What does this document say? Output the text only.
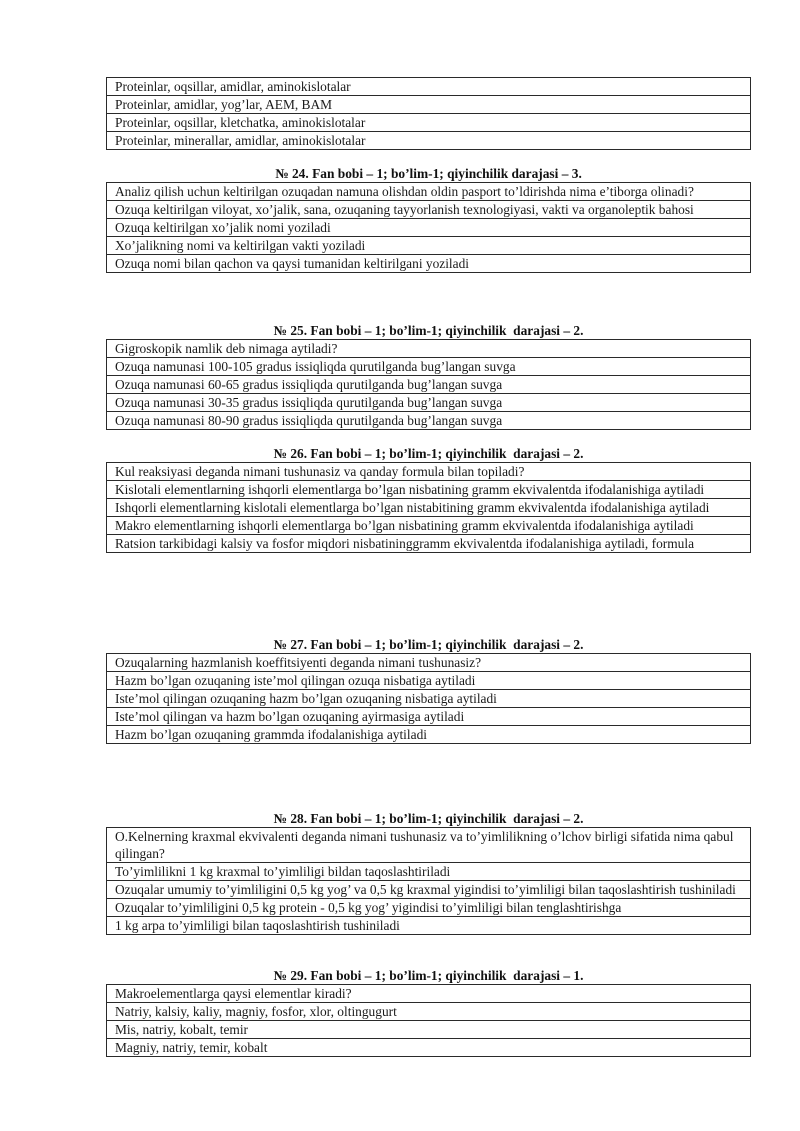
Proteinlar, oqsillar, amidlar, aminokislotalar
Proteinlar, amidlar, yog’lar, AEM, BAM
Proteinlar, oqsillar, kletchatka, aminokislotalar
Proteinlar, minerallar, amidlar, aminokislotalar
№ 24. Fan bobi – 1; bo’lim-1; qiyinchilik darajasi – 3.
Analiz qilish uchun keltirilgan ozuqadan namuna olishdan oldin pasport to’ldirishda nima e’tiborga olinadi?
Ozuqa keltirilgan viloyat, xo’jalik, sana, ozuqaning tayyorlanish texnologiyasi, vakti va organoleptik bahosi
Ozuqa keltirilgan xo’jalik nomi yoziladi
Xo’jalikning nomi va keltirilgan vakti yoziladi
Ozuqa nomi bilan qachon va qaysi tumanidan keltirilgani yoziladi
№ 25. Fan bobi – 1; bo’lim-1; qiyinchilik  darajasi – 2.
Gigroskopik namlik deb nimaga aytiladi?
Ozuqa namunasi 100-105 gradus issiqliqda qurutilganda bug’langan suvga
Ozuqa namunasi 60-65 gradus issiqliqda qurutilganda bug’langan suvga
Ozuqa namunasi 30-35 gradus issiqliqda qurutilganda bug’langan suvga
Ozuqa namunasi 80-90 gradus issiqliqda qurutilganda bug’langan suvga
№ 26. Fan bobi – 1; bo’lim-1; qiyinchilik  darajasi – 2.
Kul reaksiyasi deganda nimani tushunasiz va qanday formula bilan topiladi?
Kislotali elementlarning ishqorli elementlarga bo’lgan nisbatining gramm ekvivalentda ifodalanishiga aytiladi
Ishqorli elementlarning kislotali elementlarga bo’lgan nistabitining gramm ekvivalentda ifodalanishiga aytiladi
Makro elementlarning ishqorli elementlarga bo’lgan nisbatining gramm ekvivalentda ifodalanishiga aytiladi
Ratsion tarkibidagi kalsiy va fosfor miqdori nisbatininggramm ekvivalentda ifodalanishiga aytiladi, formula
№ 27. Fan bobi – 1; bo’lim-1; qiyinchilik  darajasi – 2.
Ozuqalarning hazmlanish koeffitsiyenti deganda nimani tushunasiz?
Hazm bo’lgan ozuqaning iste’mol qilingan ozuqa nisbatiga aytiladi
Iste’mol qilingan ozuqaning hazm bo’lgan ozuqaning nisbatiga aytiladi
Iste’mol qilingan va hazm bo’lgan ozuqaning ayirmasiga aytiladi
Hazm bo’lgan ozuqaning grammda ifodalanishiga aytiladi
№ 28. Fan bobi – 1; bo’lim-1; qiyinchilik  darajasi – 2.
O.Kelnerning kraxmal ekvivalenti deganda nimani tushunasiz va to’yimlilikning o’lchov birligi sifatida nima qabul qilingan?
To’yimlilikni 1 kg kraxmal to’yimliligi bildan taqoslashtiriladi
Ozuqalar umumiy to’yimliligini 0,5 kg yog’ va 0,5 kg kraxmal yigindisi to’yimliligi bilan taqoslashtirish tushiniladi
Ozuqalar to’yimliligini 0,5 kg protein - 0,5 kg yog’ yigindisi to’yimliligi bilan tenglashtirishga
1 kg arpa to’yimliligi bilan taqoslashtirish tushiniladi
№ 29. Fan bobi – 1; bo’lim-1; qiyinchilik  darajasi – 1.
Makroelementlarga qaysi elementlar kiradi?
Natriy, kalsiy, kaliy, magniy, fosfor, xlor, oltingugurt
Mis, natriy, kobalt, temir
Magniy, natriy, temir, kobalt
